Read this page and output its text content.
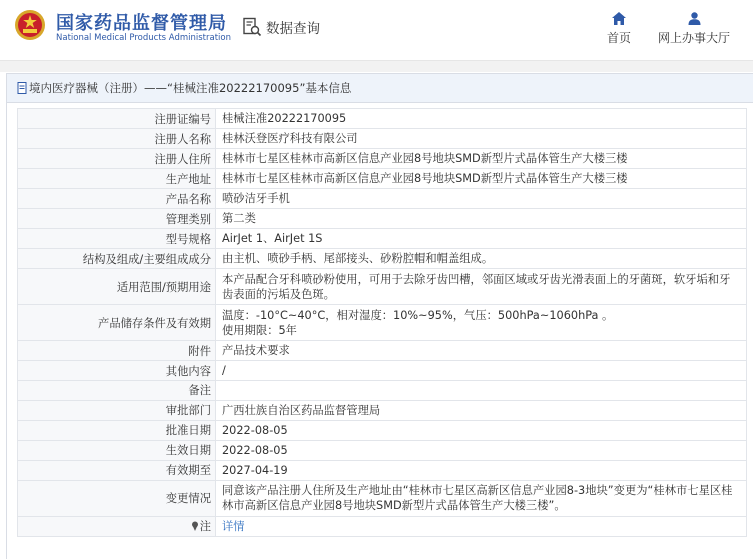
国家药品监督管理局
National Medical Products Administration
数据查询
首页 网上办事大厅
境内医疗器械（注册）——“桂械注准20222170095”基本信息
注册证编号	桂械注准20222170095
注册人名称	桂林沃登医疗科技有限公司
注册人住所	桂林市七星区桂林市高新区信息产业园8号地块SMD新型片式晶体管生产大楼三楼
生产地址	桂林市七星区桂林市高新区信息产业园8号地块SMD新型片式晶体管生产大楼三楼
产品名称	喷砂洁牙手机
管理类别	第二类
型号规格	AirJet 1、AirJet 1S
结构及组成/主要组成成分	由主机、喷砂手柄、尾部接头、砂粉腔帽和帽盖组成。
适用范围/预期用途	本产品配合牙科喷砂粉使用，可用于去除牙齿凹槽，邻面区域或牙齿光滑表面上的牙菌斑，软牙垢和牙齿表面的污垢及色斑。
产品储存条件及有效期	温度：-10°C~40°C，相对湿度：10%~95%，气压：500hPa~1060hPa 。
使用期限：5年

附件	产品技术要求
其他内容	/
备注	
审批部门	广西壮族自治区药品监督管理局
批准日期	2022-08-05
生效日期	2022-08-05
有效期至	2027-04-19
变更情况	同意该产品注册人住所及生产地址由“桂林市七星区高新区信息产业园8-3地块”变更为“桂林市七星区桂林市高新区信息产业园8号地块SMD新型片式晶体管生产大楼三楼”。
注	详情
